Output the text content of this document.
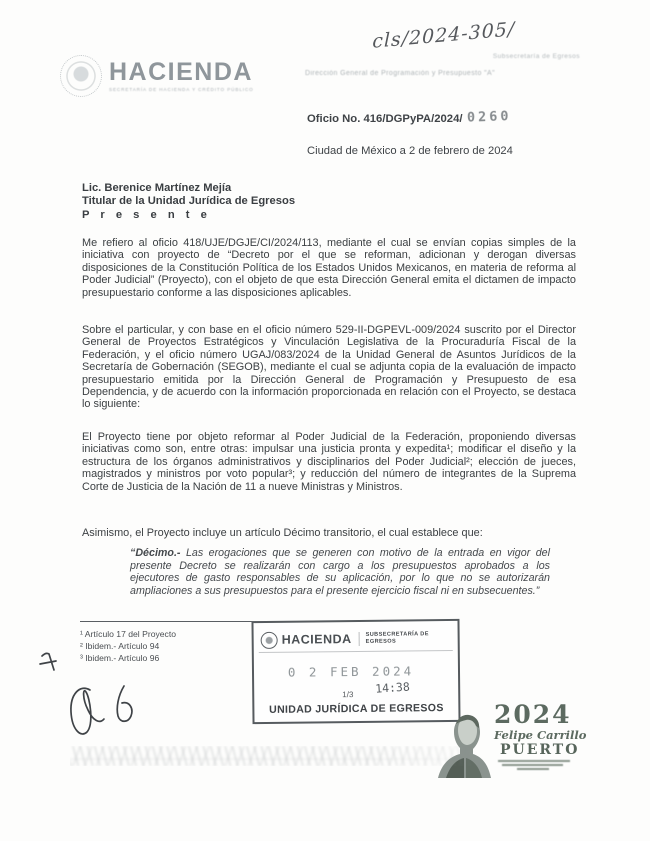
cls/2024-305/
Subsecretaría de Egresos
HACIENDA
SECRETARÍA DE HACIENDA Y CRÉDITO PÚBLICO
Dirección General de Programación y Presupuesto "A"
Oficio No. 416/DGPyPA/2024/ 0260
Ciudad de México a 2 de febrero de 2024
Lic. Berenice Martínez Mejía
Titular de la Unidad Jurídica de Egresos
P r e s e n t e

Me refiero al oficio 418/UJE/DGJE/CI/2024/113, mediante el cual se envían copias simples de la iniciativa con proyecto de “Decreto por el que se reforman, adicionan y derogan diversas disposiciones de la Constitución Política de los Estados Unidos Mexicanos, en materia de reforma al Poder Judicial” (Proyecto), con el objeto de que esta Dirección General emita el dictamen de impacto presupuestario conforme a las disposiciones aplicables.

Sobre el particular, y con base en el oficio número 529-II-DGPEVL-009/2024 suscrito por el Director General de Proyectos Estratégicos y Vinculación Legislativa de la Procuraduría Fiscal de la Federación, y el oficio número UGAJ/083/2024 de la Unidad General de Asuntos Jurídicos de la Secretaría de Gobernación (SEGOB), mediante el cual se adjunta copia de la evaluación de impacto presupuestario emitida por la Dirección General de Programación y Presupuesto de esa Dependencia, y de acuerdo con la información proporcionada en relación con el Proyecto, se destaca lo siguiente:

El Proyecto tiene por objeto reformar al Poder Judicial de la Federación, proponiendo diversas iniciativas como son, entre otras: impulsar una justicia pronta y expedita¹; modificar el diseño y la estructura de los órganos administrativos y disciplinarios del Poder Judicial²; elección de jueces, magistrados y ministros por voto popular³; y reducción del número de integrantes de la Suprema Corte de Justicia de la Nación de 11 a nueve Ministras y Ministros.

Asimismo, el Proyecto incluye un artículo Décimo transitorio, el cual establece que:

“Décimo.- Las erogaciones que se generen con motivo de la entrada en vigor del presente Decreto se realizarán con cargo a los presupuestos aprobados a los ejecutores de gasto responsables de su aplicación, por lo que no se autorizarán ampliaciones a sus presupuestos para el presente ejercicio fiscal ni en subsecuentes.”

¹ Artículo 17 del Proyecto
² Ibidem.- Artículo 94
³ Ibidem.- Artículo 96
HACIENDA	SUBSECRETARÍA DE EGRESOS
0 2 FEB 2024
14:38
1/3
UNIDAD JURÍDICA DE EGRESOS	2024
Felipe Carrillo
PUERTO
